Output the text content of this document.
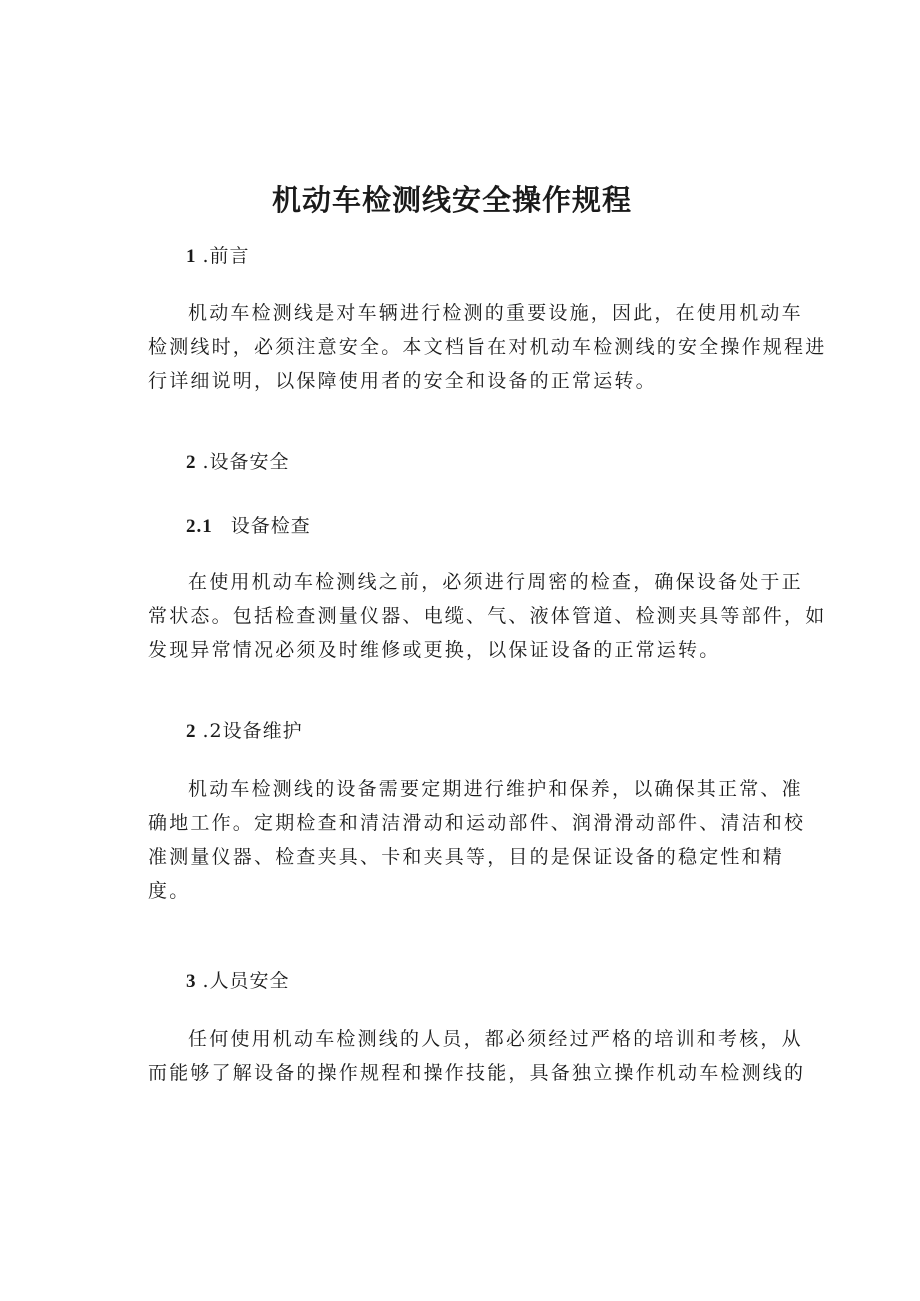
机动车检测线安全操作规程
1 .前言
机动车检测线是对车辆进行检测的重要设施，因此，在使用机动车
检测线时，必须注意安全。本文档旨在对机动车检测线的安全操作规程进
行详细说明，以保障使用者的安全和设备的正常运转。
2 .设备安全
2.1 设备检查
在使用机动车检测线之前，必须进行周密的检查，确保设备处于正
常状态。包括检查测量仪器、电缆、气、液体管道、检测夹具等部件，如
发现异常情况必须及时维修或更换，以保证设备的正常运转。
2 .2设备维护
机动车检测线的设备需要定期进行维护和保养，以确保其正常、准
确地工作。定期检查和清洁滑动和运动部件、润滑滑动部件、清洁和校
准测量仪器、检查夹具、卡和夹具等，目的是保证设备的稳定性和精
度。
3 .人员安全
任何使用机动车检测线的人员，都必须经过严格的培训和考核，从
而能够了解设备的操作规程和操作技能，具备独立操作机动车检测线的
